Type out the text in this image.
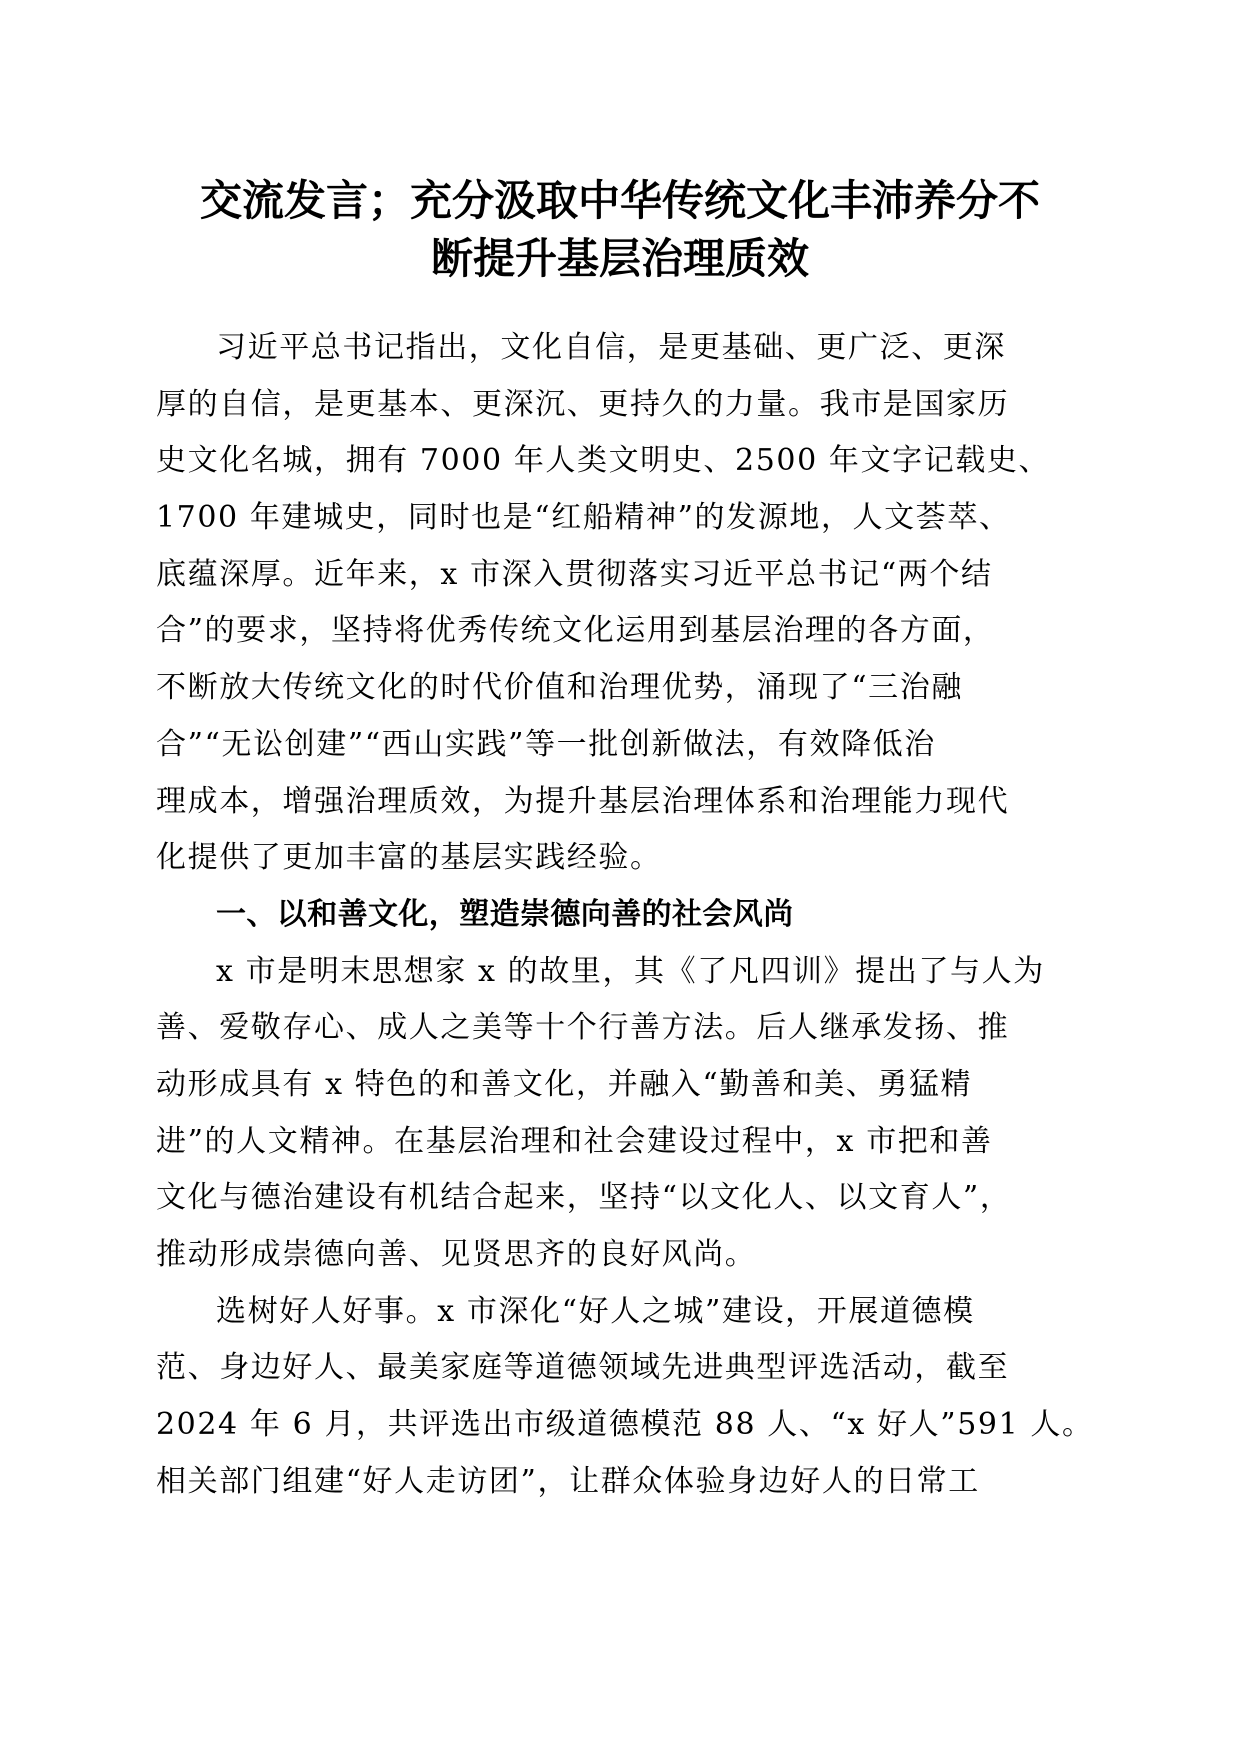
交流发言；充分汲取中华传统文化丰沛养分不
断提升基层治理质效
习近平总书记指出，文化自信，是更基础、更广泛、更深
厚的自信，是更基本、更深沉、更持久的力量。我市是国家历
史文化名城，拥有 7000 年人类文明史、2500 年文字记载史、
1700 年建城史，同时也是“红船精神”的发源地，人文荟萃、
底蕴深厚。近年来，x 市深入贯彻落实习近平总书记“两个结
合”的要求，坚持将优秀传统文化运用到基层治理的各方面，
不断放大传统文化的时代价值和治理优势，涌现了“三治融
合”“无讼创建”“西山实践”等一批创新做法，有效降低治
理成本，增强治理质效，为提升基层治理体系和治理能力现代
化提供了更加丰富的基层实践经验。
一、以和善文化，塑造崇德向善的社会风尚
x 市是明末思想家 x 的故里，其《了凡四训》提出了与人为
善、爱敬存心、成人之美等十个行善方法。后人继承发扬、推
动形成具有 x 特色的和善文化，并融入“勤善和美、勇猛精
进”的人文精神。在基层治理和社会建设过程中，x 市把和善
文化与德治建设有机结合起来，坚持“以文化人、以文育人”，
推动形成崇德向善、见贤思齐的良好风尚。
选树好人好事。x 市深化“好人之城”建设，开展道德模
范、身边好人、最美家庭等道德领域先进典型评选活动，截至
2024 年 6 月，共评选出市级道德模范 88 人、“x 好人”591 人。
相关部门组建“好人走访团”，让群众体验身边好人的日常工
